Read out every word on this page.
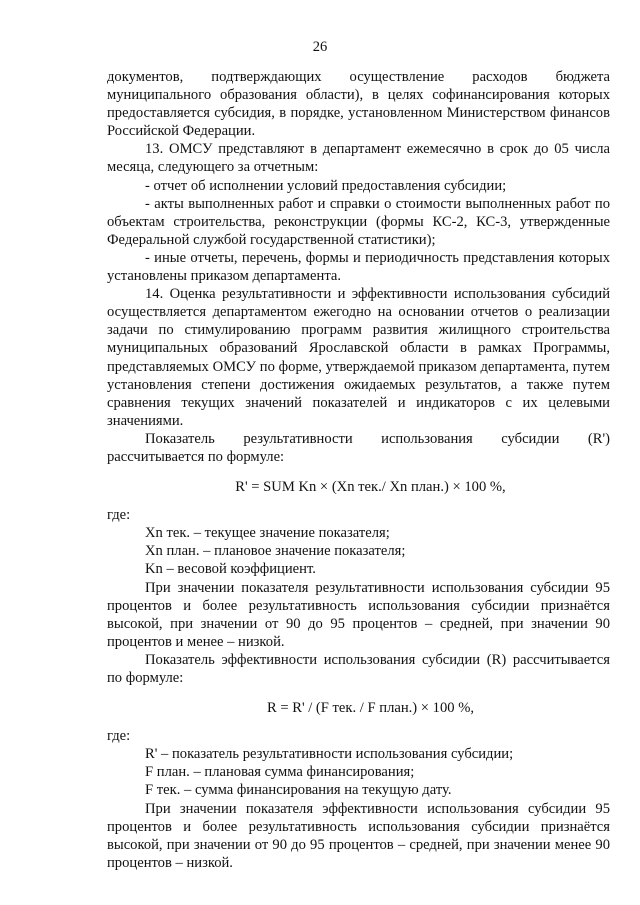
26

документов, подтверждающих осуществление расходов бюджета муниципального образования области), в целях софинансирования которых предоставляется субсидия, в порядке, установленном Министерством финансов Российской Федерации.

13. ОМСУ представляют в департамент ежемесячно в срок до 05 числа месяца, следующего за отчетным:

- отчет об исполнении условий предоставления субсидии;

- акты выполненных работ и справки о стоимости выполненных работ по объектам строительства, реконструкции (формы КС-2, КС-3, утвержденные Федеральной службой государственной статистики);

- иные отчеты, перечень, формы и периодичность представления которых установлены приказом департамента.

14. Оценка результативности и эффективности использования субсидий осуществляется департаментом ежегодно на основании отчетов о реализации задачи по стимулированию программ развития жилищного строительства муниципальных образований Ярославской области в рамках Программы, представляемых ОМСУ по форме, утверждаемой приказом департамента, путем установления степени достижения ожидаемых результатов, а также путем сравнения текущих значений показателей и индикаторов с их целевыми значениями.

Показатель результативности использования субсидии (R') рассчитывается по формуле:

R' = SUM Kn × (Xn тек./ Xn план.) × 100 %,

где:

Xn тек. – текущее значение показателя;

Xn план. – плановое значение показателя;

Kn – весовой коэффициент.

При значении показателя результативности использования субсидии 95 процентов и более результативность использования субсидии признаётся высокой, при значении от 90 до 95 процентов – средней, при значении 90 процентов и менее – низкой.

Показатель эффективности использования субсидии (R) рассчитывается по формуле:

R = R' / (F тек. / F план.) × 100 %,

где:

R' – показатель результативности использования субсидии;

F план. – плановая сумма финансирования;

F тек. – сумма финансирования на текущую дату.

При значении показателя эффективности использования субсидии 95 процентов и более результативность использования субсидии признаётся высокой, при значении от 90 до 95 процентов – средней, при значении менее 90 процентов – низкой.
